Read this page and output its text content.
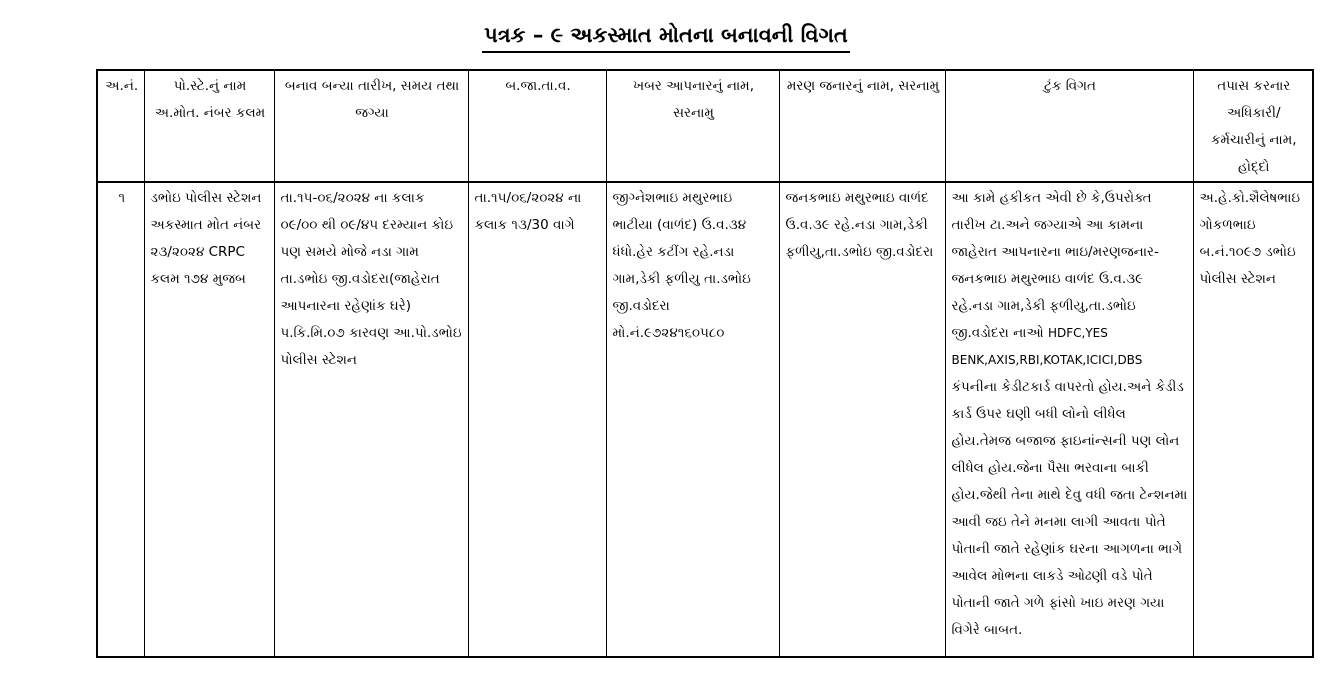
પત્રક – ૯ અકસ્માત મોતના બનાવની વિગત
અ.નં.	પો.સ્ટે.નું નામ અ.મોત. નંબર કલમ	બનાવ બન્યા તારીખ, સમય તથા જગ્યા	બ.જા.તા.વ.	ખબર આપનારનું નામ, સરનામુ	મરણ જનારનું નામ, સરનામુ	ટુંક વિગત	તપાસ કરનાર અધિકારી/ કર્મચારીનું નામ, હોદ્દો
૧	ડભોઇ પોલીસ સ્ટેશન અકસ્માત મોત નંબર ૨૩/૨૦૨૪ CRPC કલમ ૧૭૪ મુજબ	તા.૧૫-૦૬/૨૦૨૪ ના કલાક ૦૯/૦૦ થી ૦૯/૪૫ દરમ્યાન કોઇ પણ સમયે મોજે નડા ગામ તા.ડભોઇ જી.વડોદરા(જાહેરાત આપનારના રહેણાંક ઘરે) પ.કિ.મિ.૦૭ કારવણ આ.પો.ડભોઇ પોલીસ સ્ટેશન	તા.૧૫/૦૬/૨૦૨૪ ના કલાક ૧૩/30 વાગે	જીગ્નેશભાઇ મથુરભાઇ ભાટીયા (વાળંદ) ઉ.વ.૩૪ ધંધો.હેર કટીંગ રહે.નડા ગામ,ડેકી ફળીયુ તા.ડભોઇ જી.વડોદરા મો.નં.૯૭૨૪૧૬૦૫૮૦	જનકભાઇ મથુરભાઇ વાળંદ ઉ.વ.૩૯ રહે.નડા ગામ,ડેકી ફળીયુ,તા.ડભોઇ જી.વડોદરા	આ કામે હકીકત એવી છે કે,ઉપરોક્ત તારીખ ટા.અને જગ્યાએ આ કામના જાહેરાત આપનારના ભાઇ/મરણજનાર- જનકભાઇ મથુરભાઇ વાળંદ ઉ.વ.૩૯ રહે.નડા ગામ,ડેકી ફળીયુ,તા.ડભોઇ જી.વડોદરા નાઓ HDFC,YES BENK,AXIS,RBI,KOTAK,ICICI,DBS કંપનીના કેડીટકાર્ડ વાપરતો હોય.અને કેડીડ કાર્ડ ઉપર ઘણી બધી લોનો લીધેલ હોય.તેમજ બજાજ ફાઇનાંન્સની પણ લોન લીધેલ હોય.જેના પૈસા ભરવાના બાકી હોય.જેથી તેના માથે દેવુ વધી જતા ટેન્શનમા આવી જઇ તેને મનમા લાગી આવતા પોતે પોતાની જાતે રહેણાંક ઘરના આગળના ભાગે આવેલ મોભના લાકડે ઓઢણી વડે પોતે પોતાની જાતે ગળે ફાંસો ખાઇ મરણ ગયા વિગેરે બાબત.	અ.હે.કો.શૈલેષભાઇ ગોકળભાઇ બ.નં.૧૦૯૭ ડભોઇ પોલીસ સ્ટેશન
